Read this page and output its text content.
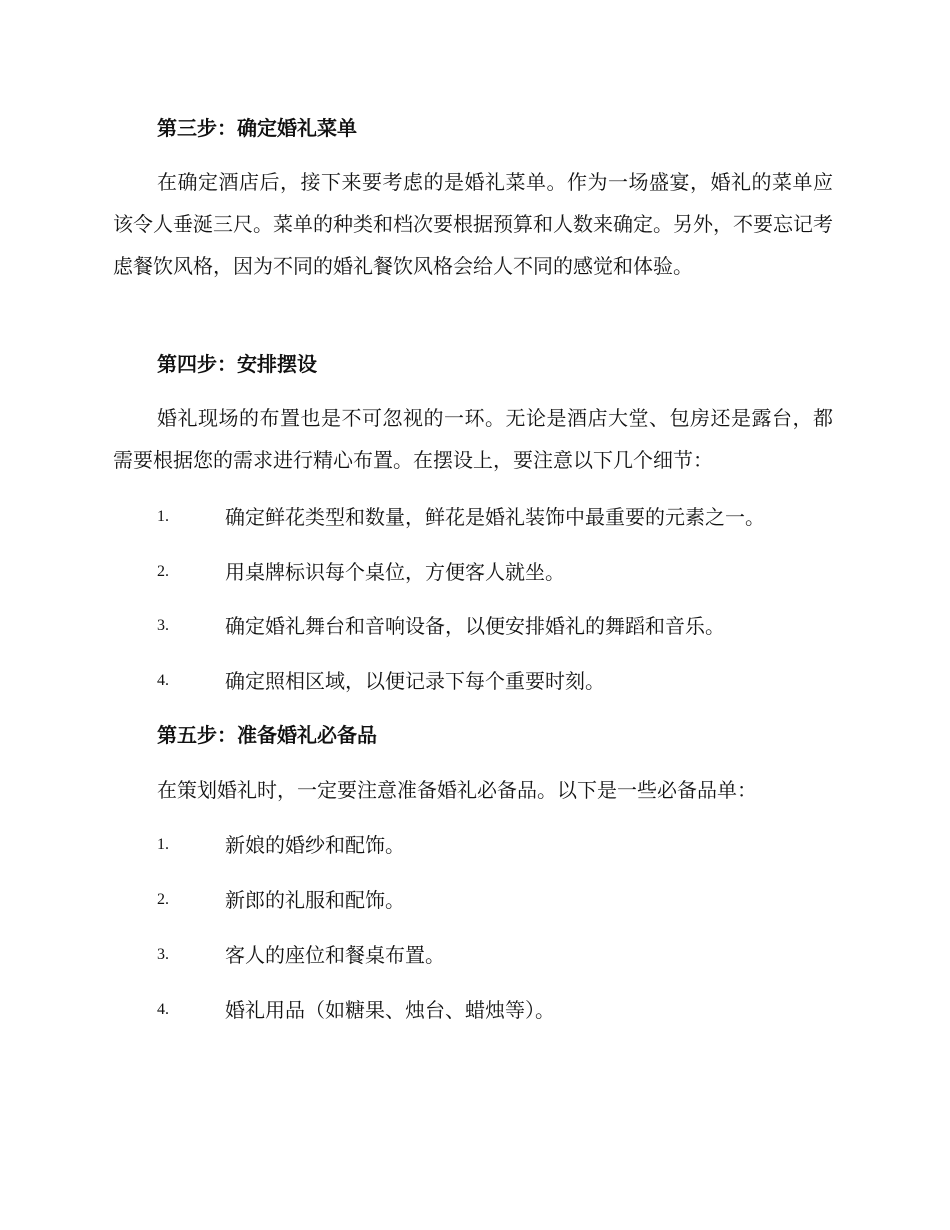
第三步：确定婚礼菜单
在确定酒店后，接下来要考虑的是婚礼菜单。作为一场盛宴，婚礼的菜单应该令人垂涎三尺。菜单的种类和档次要根据预算和人数来确定。另外，不要忘记考虑餐饮风格，因为不同的婚礼餐饮风格会给人不同的感觉和体验。
第四步：安排摆设
婚礼现场的布置也是不可忽视的一环。无论是酒店大堂、包房还是露台，都需要根据您的需求进行精心布置。在摆设上，要注意以下几个细节：
1.	确定鲜花类型和数量，鲜花是婚礼装饰中最重要的元素之一。
2.	用桌牌标识每个桌位，方便客人就坐。
3.	确定婚礼舞台和音响设备，以便安排婚礼的舞蹈和音乐。
4.	确定照相区域，以便记录下每个重要时刻。
第五步：准备婚礼必备品
在策划婚礼时，一定要注意准备婚礼必备品。以下是一些必备品单：
1.	新娘的婚纱和配饰。
2.	新郎的礼服和配饰。
3.	客人的座位和餐桌布置。
4.	婚礼用品（如糖果、烛台、蜡烛等）。
